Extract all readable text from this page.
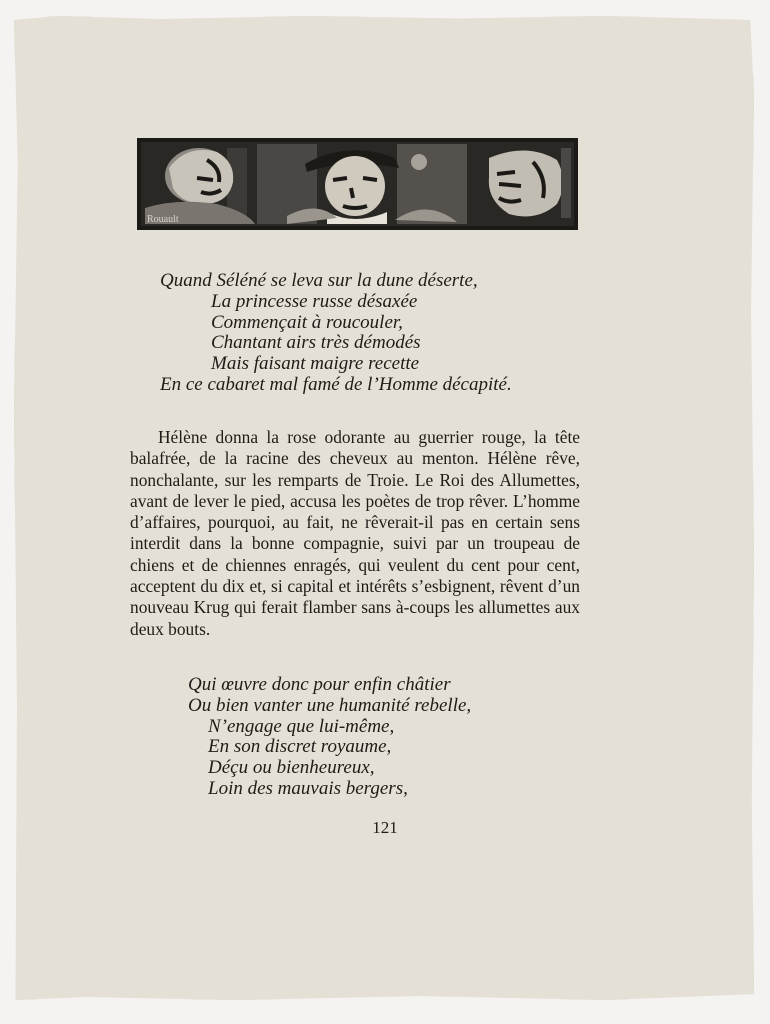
Rouault
Quand Séléné se leva sur la dune déserte,
La princesse russe désaxée
Commençait à roucouler,
Chantant airs très démodés
Mais faisant maigre recette
En ce cabaret mal famé de l’Homme décapité.

Hélène donna la rose odorante au guerrier rouge, la tête balafrée, de la racine des cheveux au menton. Hélène rêve, nonchalante, sur les remparts de Troie. Le Roi des Allumettes, avant de lever le pied, accusa les poètes de trop rêver. L’homme d’affaires, pourquoi, au fait, ne rêverait-il pas en certain sens interdit dans la bonne compagnie, suivi par un troupeau de chiens et de chiennes enragés, qui veulent du cent pour cent, acceptent du dix et, si capital et intérêts s’esbignent, rêvent d’un nouveau Krug qui ferait flamber sans à-coups les allumettes aux deux bouts.

Qui œuvre donc pour enfin châtier
Ou bien vanter une humanité rebelle,
N’engage que lui-même,
En son discret royaume,
Déçu ou bienheureux,
Loin des mauvais bergers,
121
